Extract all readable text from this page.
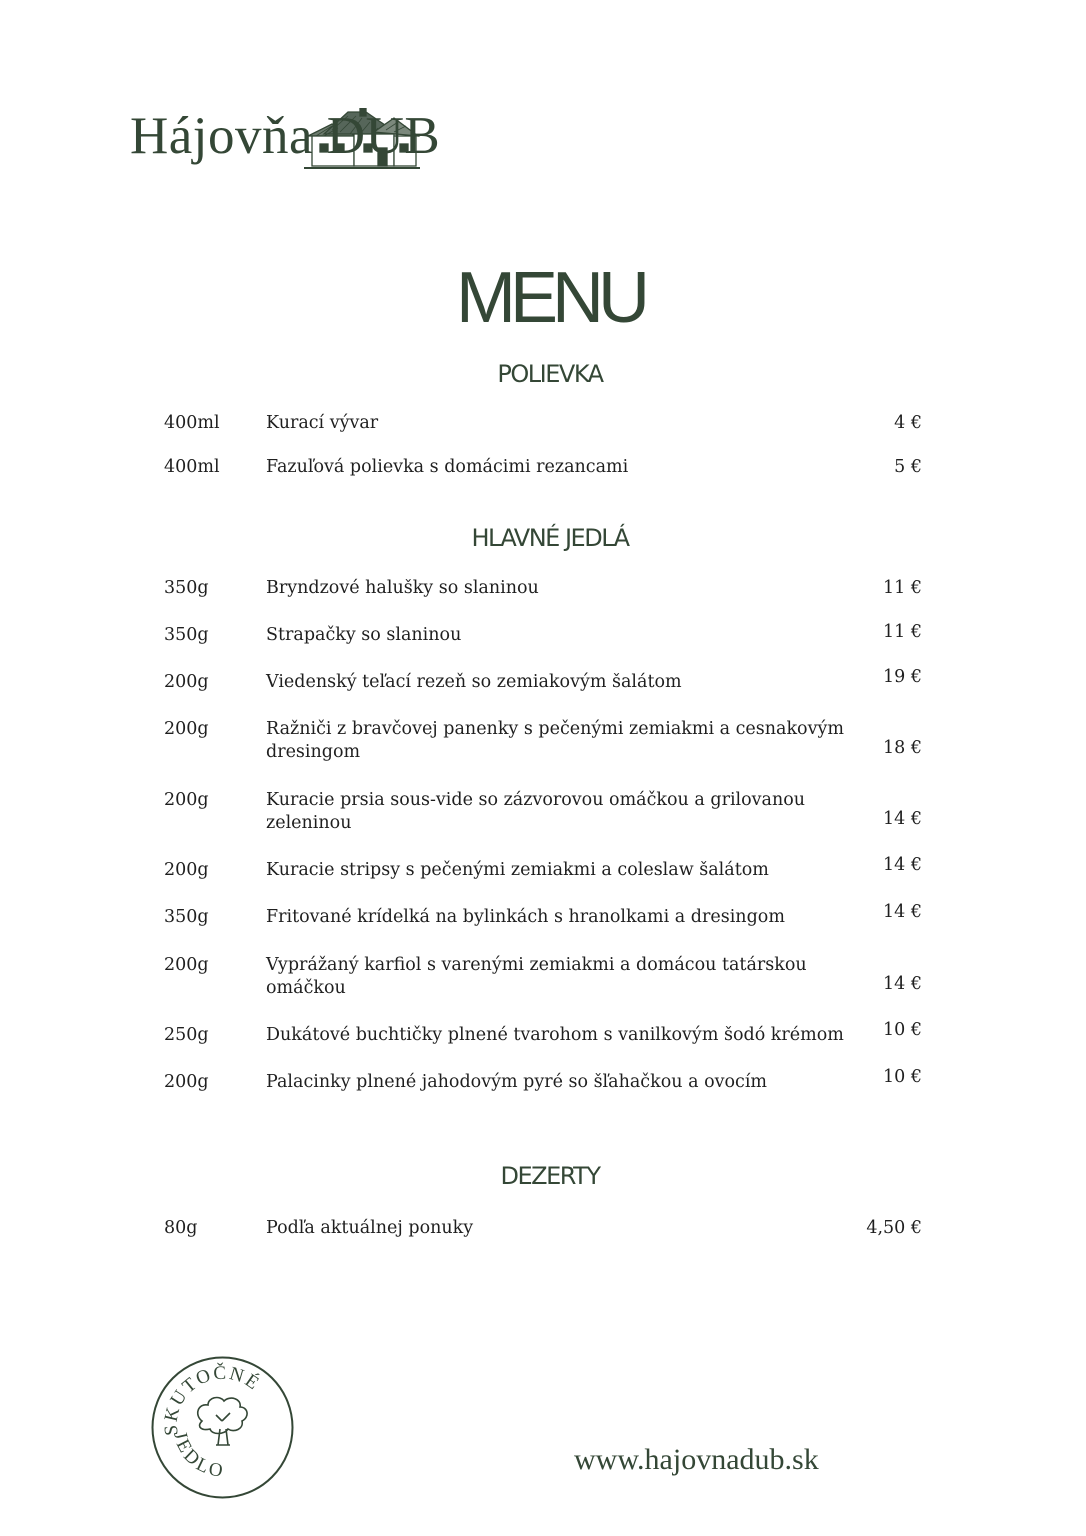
Hájovňa DUB
MENU
POLIEVKA
400ml	Kurací vývar	4 €
400ml	Fazuľová polievka s domácimi rezancami	5 €
HLAVNÉ JEDLÁ
350g	Bryndzové halušky so slaninou	11 €
350g	Strapačky so slaninou	11 €
200g	Viedenský teľací rezeň so zemiakovým šalátom	19 €
200g	Ražniči z bravčovej panenky s pečenými zemiakmi a cesnakovým dresingom	18 €
200g	Kuracie prsia sous-vide so zázvorovou omáčkou a grilovanou zeleninou	14 €
200g	Kuracie stripsy s pečenými zemiakmi a coleslaw šalátom	14 €
350g	Fritované krídelká na bylinkách s hranolkami a dresingom	14 €
200g	Vyprážaný karfiol s varenými zemiakmi a domácou tatárskou omáčkou	14 €
250g	Dukátové buchtičky plnené tvarohom s vanilkovým šodó krémom	10 €
200g	Palacinky plnené jahodovým pyré so šľahačkou a ovocím	10 €
DEZERTY
80g	Podľa aktuálnej ponuky	4,50 €
SKUTOČNÉ
JEDLO	www.hajovnadub.sk
